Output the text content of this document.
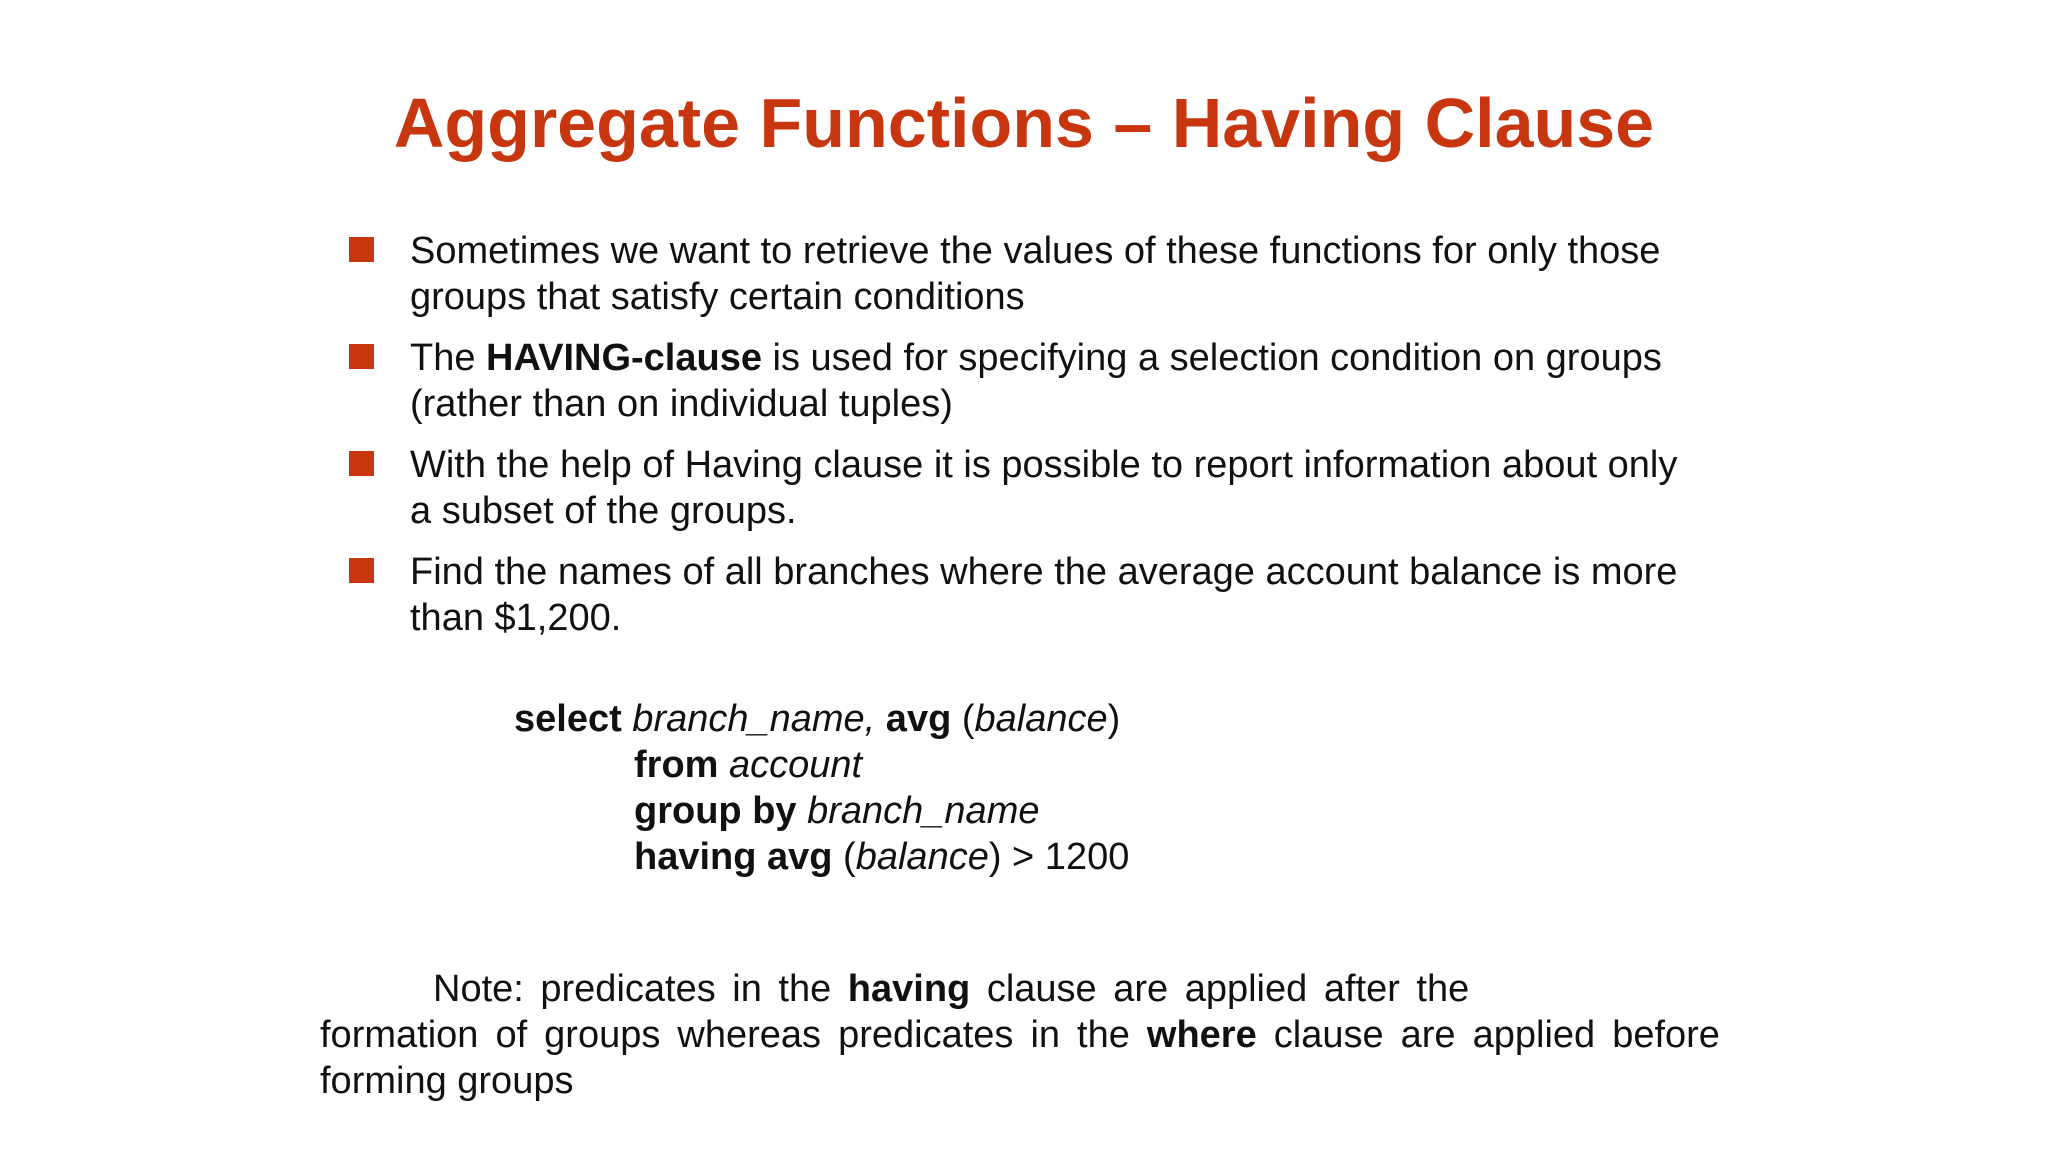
Aggregate Functions – Having Clause
Sometimes we want to retrieve the values of these functions for only those groups that satisfy certain conditions
The HAVING-clause is used for specifying a selection condition on groups (rather than on individual tuples)
With the help of Having clause it is possible to report information about only a subset of the groups.
Find the names of all branches where the average account balance is more than $1,200.
select branch_name, avg (balance)
from account
group by branch_name
having avg (balance) > 1200
Note: predicates in the having clause are applied after the
formation of groups whereas predicates in the where clause are applied before
forming groups
